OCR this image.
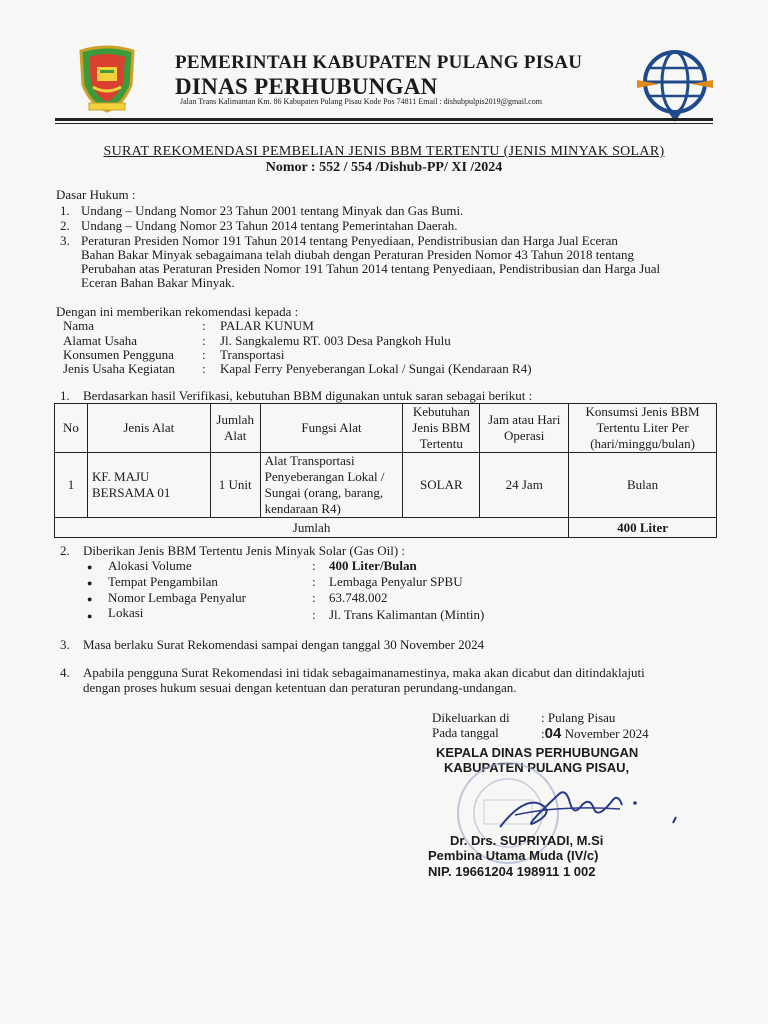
PEMERINTAH KABUPATEN PULANG PISAU
DINAS PERHUBUNGAN
Jalan Trans Kalimantan Km. 86 Kabupaten Pulang Pisau Kode Pos 74811 Email : dishubpulpis2019@gmail.com
SURAT REKOMENDASI PEMBELIAN JENIS BBM TERTENTU (JENIS MINYAK SOLAR)
Nomor : 552 / 554 /Dishub-PP/ XI /2024
Dasar Hukum :
1. Undang – Undang Nomor 23 Tahun 2001 tentang Minyak dan Gas Bumi.
2. Undang – Undang Nomor 23 Tahun 2014 tentang Pemerintahan Daerah.
3. Peraturan Presiden Nomor 191 Tahun 2014 tentang Penyediaan, Pendistribusian dan Harga Jual Eceran
Bahan Bakar Minyak sebagaimana telah diubah dengan Peraturan Presiden Nomor 43 Tahun 2018 tentang
Perubahan atas Peraturan Presiden Nomor 191 Tahun 2014 tentang Penyediaan, Pendistribusian dan Harga Jual
Eceran Bahan Bakar Minyak.
Dengan ini memberikan rekomendasi kepada :
Nama	: PALAR KUNUM
Alamat Usaha	: Jl. Sangkalemu RT. 003 Desa Pangkoh Hulu
Konsumen Pengguna : Transportasi
Jenis Usaha Kegiatan : Kapal Ferry Penyeberangan Lokal / Sungai (Kendaraan R4)
1. Berdasarkan hasil Verifikasi, kebutuhan BBM digunakan untuk saran sebagai berikut :
No	Jenis Alat	Jumlah Alat	Fungsi Alat	Kebutuhan Jenis BBM Tertentu	Jam atau Hari Operasi	Konsumsi Jenis BBM Tertentu Liter Per (hari/minggu/bulan)
1	KF. MAJU BERSAMA 01	1 Unit	Alat Transportasi Penyeberangan Lokal / Sungai (orang, barang, kendaraan R4)	SOLAR	24 Jam	Bulan
Jumlah						400 Liter
2. Diberikan Jenis BBM Tertentu Jenis Minyak Solar (Gas Oil) :
● Alokasi Volume	: 400 Liter/Bulan
● Tempat Pengambilan	: Lembaga Penyalur SPBU
● Nomor Lembaga Penyalur	: 63.748.002
● Lokasi	: Jl. Trans Kalimantan (Mintin)
3. Masa berlaku Surat Rekomendasi sampai dengan tanggal 30 November 2024
4. Apabila pengguna Surat Rekomendasi ini tidak sebagaimanamestinya, maka akan dicabut dan ditindaklajuti
dengan proses hukum sesuai dengan ketentuan dan peraturan perundang-undangan.
Dikeluarkan di : Pulang Pisau
Pada tanggal	:04 November 2024
KEPALA DINAS PERHUBUNGAN
KABUPATEN PULANG PISAU,
Dr. Drs. SUPRIYADI, M.Si
Pembina Utama Muda (IV/c)
NIP. 19661204 198911 1 002
